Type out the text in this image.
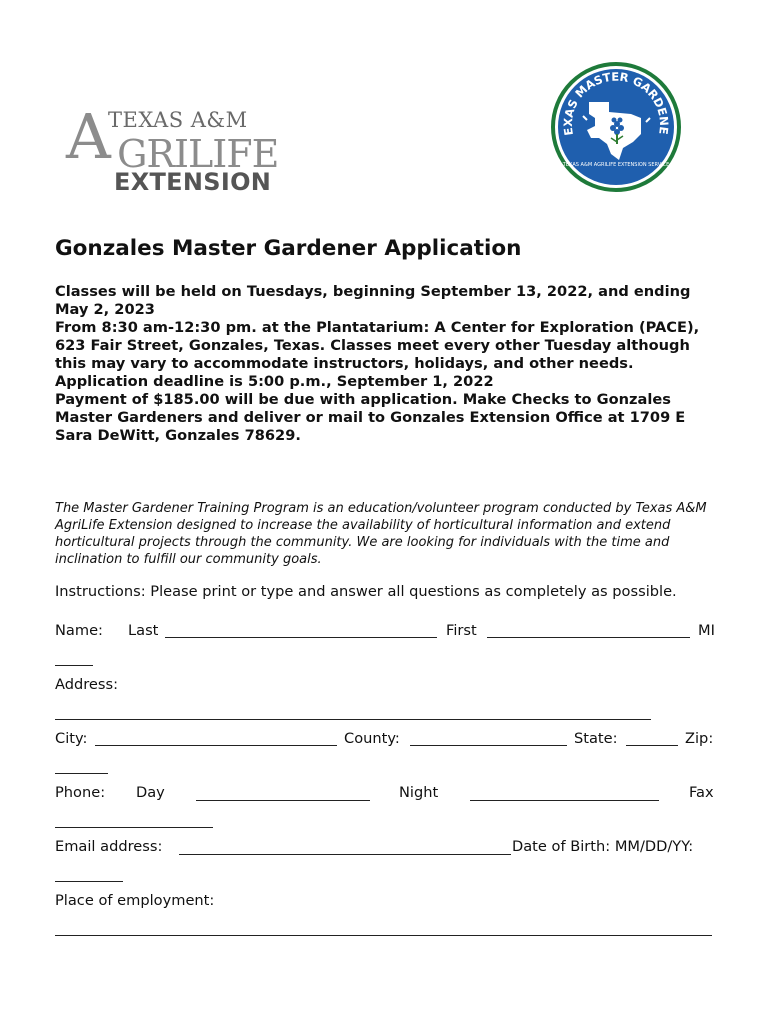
A
TEXAS A&M
GRILIFE
EXTENSION
EXAS MASTER GARDENE
TEXAS A&M AGRILIFE EXTENSION SERVICE
Gonzales Master Gardener Application

Classes will be held on Tuesdays, beginning September 13, 2022, and ending May 2, 2023

From 8:30 am-12:30 pm. at the Plantatarium: A Center for Exploration (PACE),

623 Fair Street, Gonzales, Texas. Classes meet every other Tuesday although this may vary to accommodate instructors, holidays, and other needs.

Application deadline is 5:00 p.m., September 1, 2022

Payment of $185.00 will be due with application. Make Checks to Gonzales Master Gardeners and deliver or mail to Gonzales Extension Office at 1709 E Sara DeWitt, Gonzales 78629.

The Master Gardener Training Program is an education/volunteer program conducted by Texas A&M AgriLife Extension designed to increase the availability of horticultural information and extend horticultural projects through the community. We are looking for individuals with the time and inclination to fulfill our community goals.
Instructions: Please print or type and answer all questions as completely as possible.
Name: Last	First	MI
Address:
City:	County:	State:	Zip:
Phone: Day	Night	Fax
Email address:	Date of Birth: MM/DD/YY:
Place of employment:
